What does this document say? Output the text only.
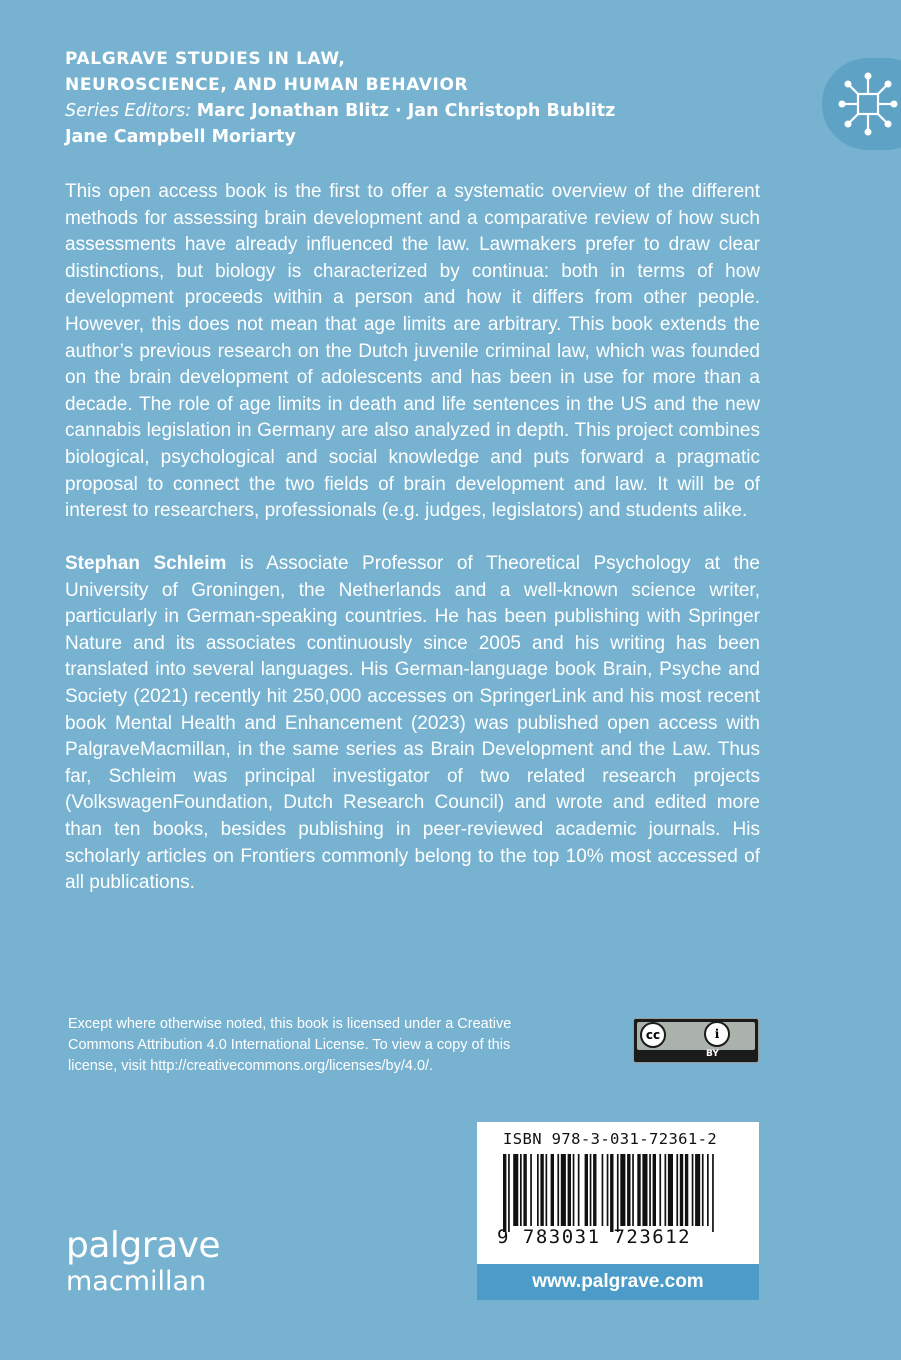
PALGRAVE STUDIES IN LAW,
NEUROSCIENCE, AND HUMAN BEHAVIOR
Series Editors: Marc Jonathan Blitz · Jan Christoph Bublitz
Jane Campbell Moriarty

This open access book is the first to offer a systematic overview of the different methods for assessing brain development and a comparative review of how such assessments have already influenced the law. Lawmakers prefer to draw clear distinctions, but biology is characterized by continua: both in terms of how development proceeds within a person and how it differs from other people. However, this does not mean that age limits are arbitrary. This book extends the author’s previous research on the Dutch juvenile criminal law, which was founded on the brain development of adolescents and has been in use for more than a decade. The role of age limits in death and life sentences in the US and the new cannabis legislation in Germany are also analyzed in depth. This project combines biological, psychological and social knowledge and puts forward a pragmatic proposal to connect the two fields of brain development and law. It will be of interest to researchers, professionals (e.g. judges, legislators) and students alike.

Stephan Schleim is Associate Professor of Theoretical Psychology at the University of Groningen, the Netherlands and a well-known science writer, particularly in German-speaking countries. He has been publishing with Springer Nature and its associates continuously since 2005 and his writing has been translated into several languages. His German-language book Brain, Psyche and Society (2021) recently hit 250,000 accesses on SpringerLink and his most recent book Mental Health and Enhancement (2023) was published open access with PalgraveMacmillan, in the same series as Brain Development and the Law. Thus far, Schleim was principal investigator of two related research projects (VolkswagenFoundation, Dutch Research Council) and wrote and edited more than ten books, besides publishing in peer-reviewed academic journals. His scholarly articles on Frontiers commonly belong to the top 10% most accessed of all publications.

Except where otherwise noted, this book is licensed under a Creative
Commons Attribution 4.0 International License. To view a copy of this
license, visit http://creativecommons.org/licenses/by/4.0/.
cc	i
BY
palgrave
macmillan
ISBN 978-3-031-72361-2
9 783031 723612
www.palgrave.com
